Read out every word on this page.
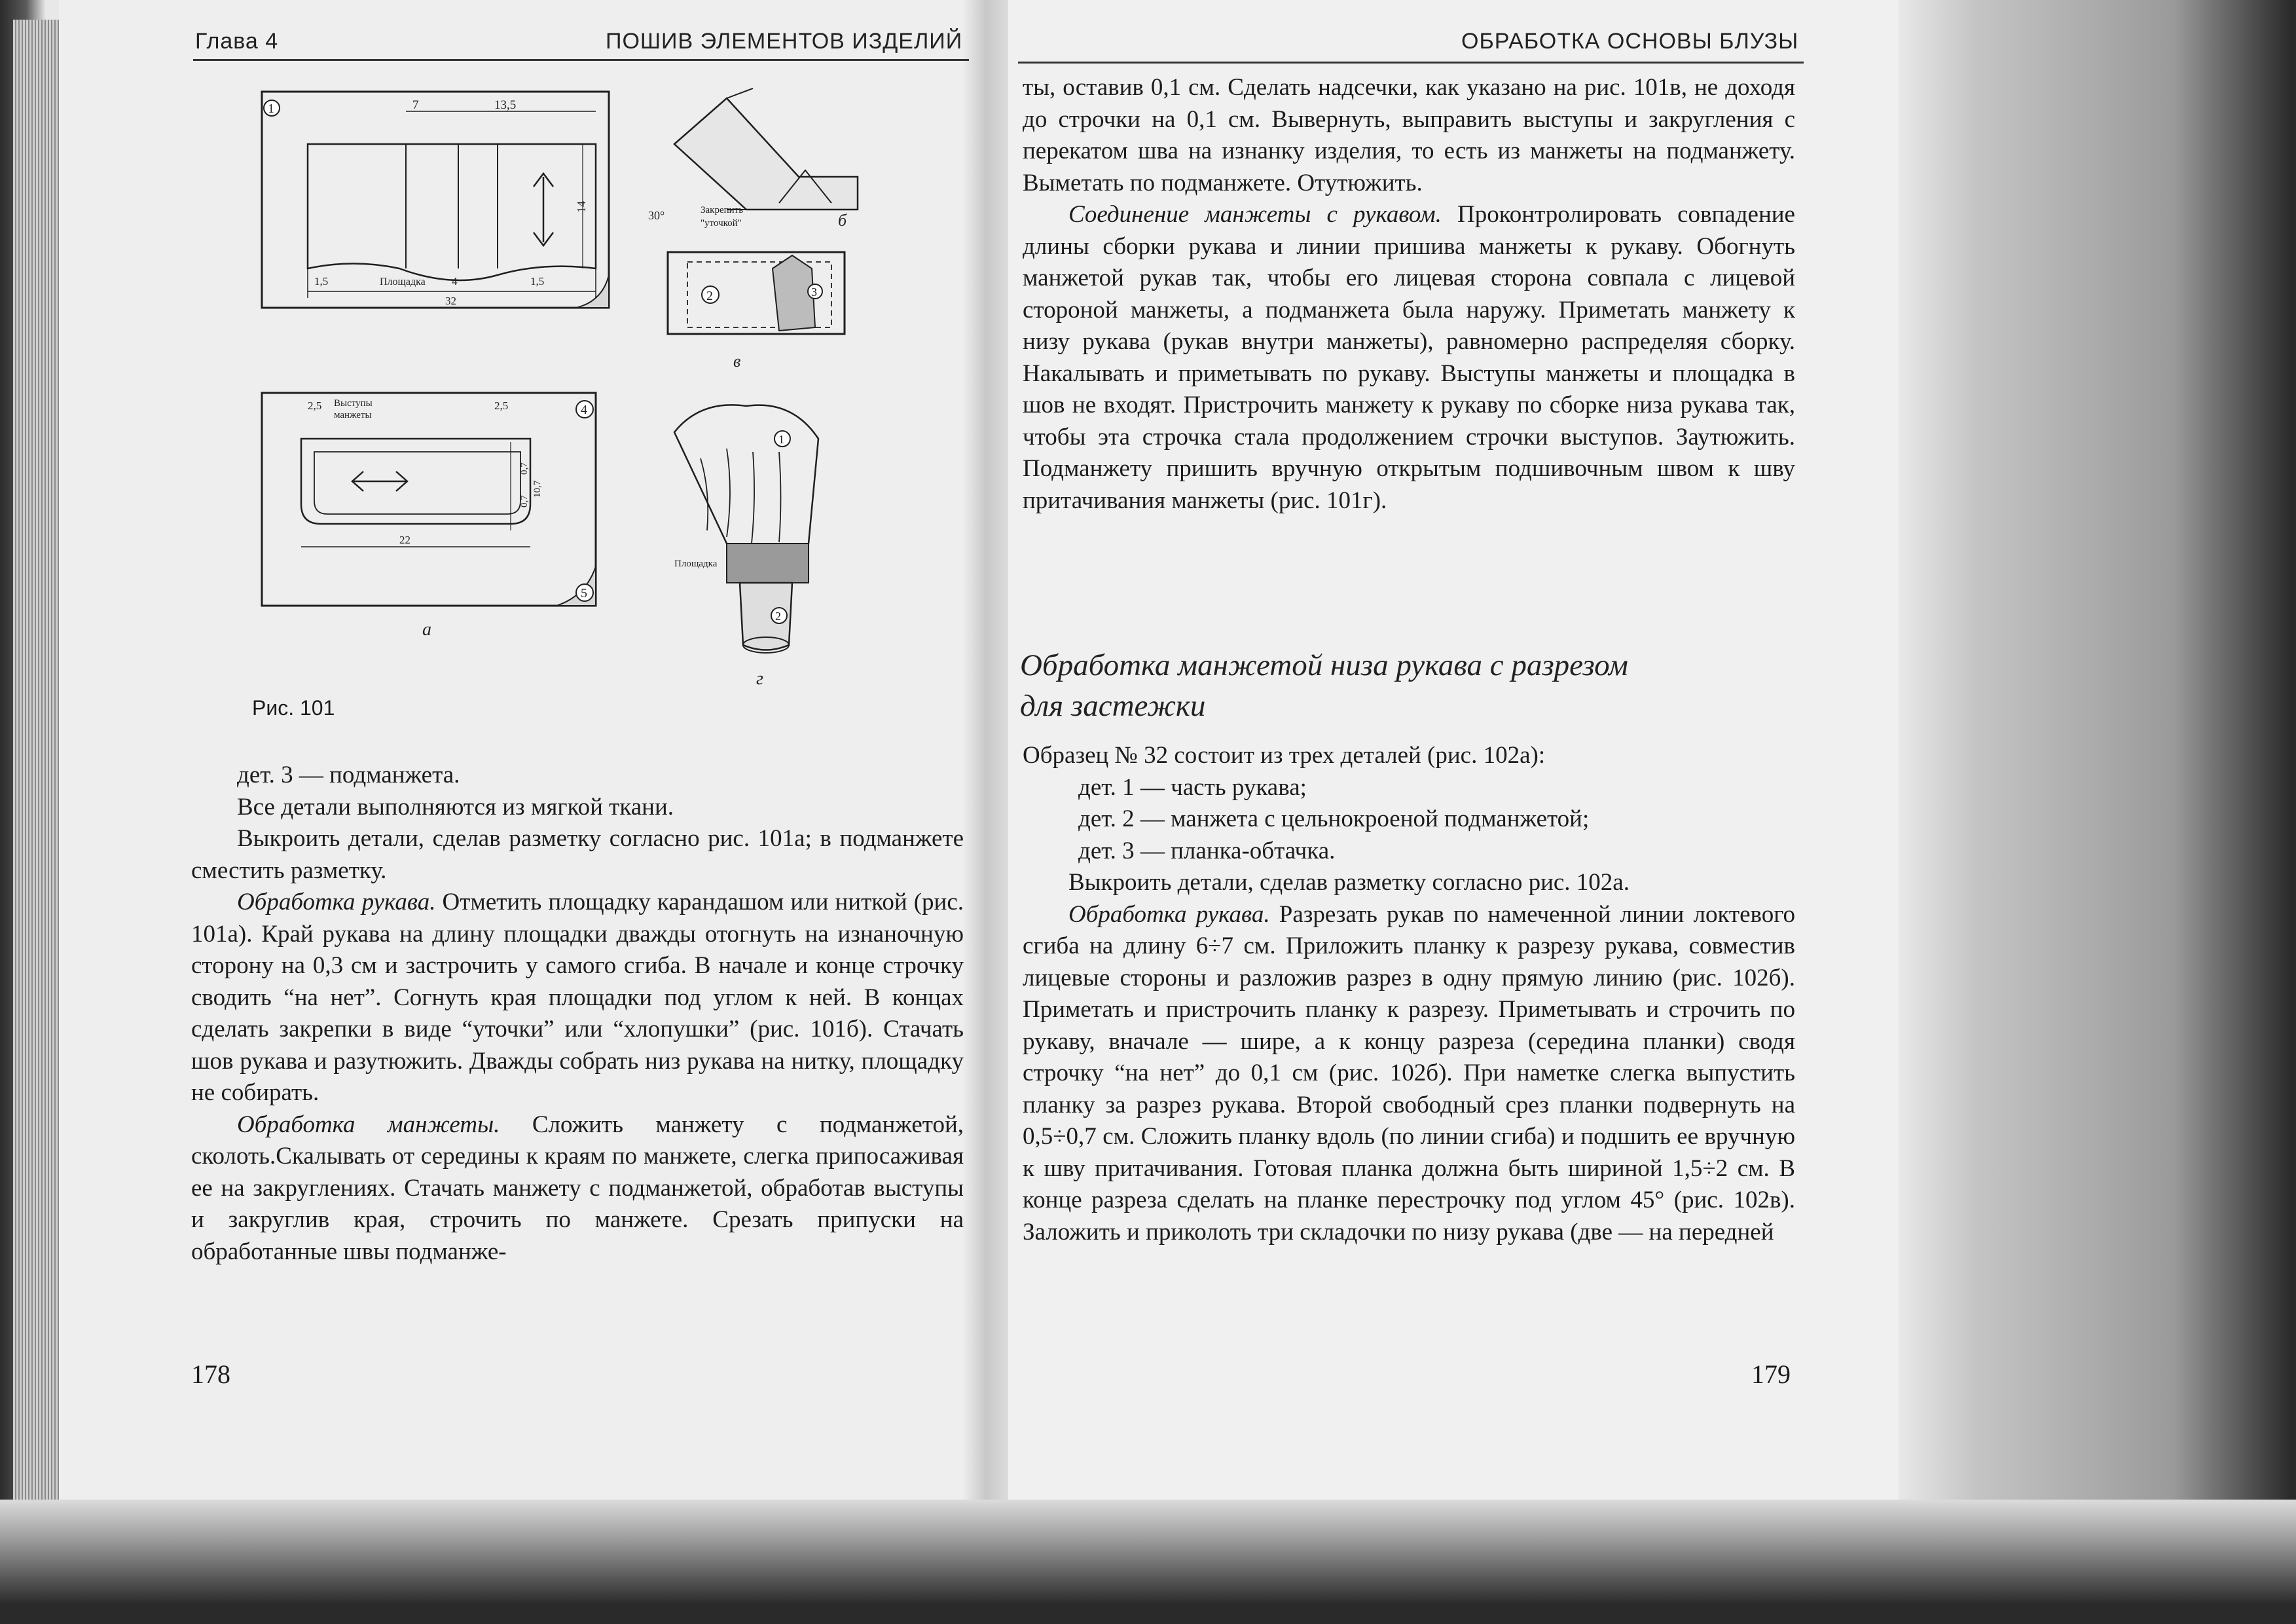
Глава 4	ПОШИВ ЭЛЕМЕНТОВ ИЗДЕЛИЙ
1	7	13,5
14
1,5	Площадка 4	1,5
32
30°	Закрепить
"уточкой"	б
2	3
в
4
5
2,5 Выступы
манжеты
2,5
0,7
0,7
10,7
22
а
1
2
Площадка
г
Рис. 101

дет. 3 — подманжета.

Все детали выполняются из мягкой ткани.

Выкроить детали, сделав разметку согласно рис. 101а; в подманжете сместить разметку.

Обработка рукава. Отметить площадку карандашом или ниткой (рис. 101а). Край рукава на длину площадки дважды отогнуть на изнаночную сторону на 0,3 см и застрочить у самого сгиба. В начале и конце строчку сводить “на нет”. Согнуть края площадки под углом к ней. В концах сделать закрепки в виде “уточки” или “хлопушки” (рис. 101б). Стачать шов рукава и разутюжить. Дважды собрать низ рукава на нитку, площадку не собирать.

Обработка манжеты. Сложить манжету с подманжетой, сколоть.Скалывать от середины к краям по манжете, слегка припосаживая ее на закруглениях. Стачать манжету с подманжетой, обработав выступы и закруглив края, строчить по манжете. Срезать припуски на обработанные швы подманже-

178
ОБРАБОТКА ОСНОВЫ БЛУЗЫ

ты, оставив 0,1 см. Сделать надсечки, как указано на рис. 101в, не доходя до строчки на 0,1 см. Вывернуть, выправить выступы и закругления с перекатом шва на изнанку изделия, то есть из манжеты на подманжету. Выметать по подманжете. Отутюжить.

Соединение манжеты с рукавом. Проконтролировать совпадение длины сборки рукава и линии пришива манжеты к рукаву. Обогнуть манжетой рукав так, чтобы его лицевая сторона совпала с лицевой стороной манжеты, а подманжета была наружу. Приметать манжету к низу рукава (рукав внутри манжеты), равномерно распределяя сборку. Накалывать и приметывать по рукаву. Выступы манжеты и площадка в шов не входят. Пристрочить манжету к рукаву по сборке низа рукава так, чтобы эта строчка стала продолжением строчки выступов. Заутюжить. Подманжету пришить вручную открытым подшивочным швом к шву притачивания манжеты (рис. 101г).

Обработка манжетой низа рукава с разрезом
для застежки

Образец № 32 состоит из трех деталей (рис. 102а):

дет. 1 — часть рукава;

дет. 2 — манжета с цельнокроеной подманжетой;

дет. 3 — планка-обтачка.

Выкроить детали, сделав разметку согласно рис. 102а.

Обработка рукава. Разрезать рукав по намеченной линии локтевого сгиба на длину 6÷7 см. Приложить планку к разрезу рукава, совместив лицевые стороны и разложив разрез в одну прямую линию (рис. 102б). Приметать и пристрочить планку к разрезу. Приметывать и строчить по рукаву, вначале — шире, а к концу разреза (середина планки) сводя строчку “на нет” до 0,1 см (рис. 102б). При наметке слегка выпустить планку за разрез рукава. Второй свободный срез планки подвернуть на 0,5÷0,7 см. Сложить планку вдоль (по линии сгиба) и подшить ее вручную к шву притачивания. Готовая планка должна быть шириной 1,5÷2 см. В конце разреза сделать на планке перестрочку под углом 45° (рис. 102в). Заложить и приколоть три складочки по низу рукава (две — на передней

179
